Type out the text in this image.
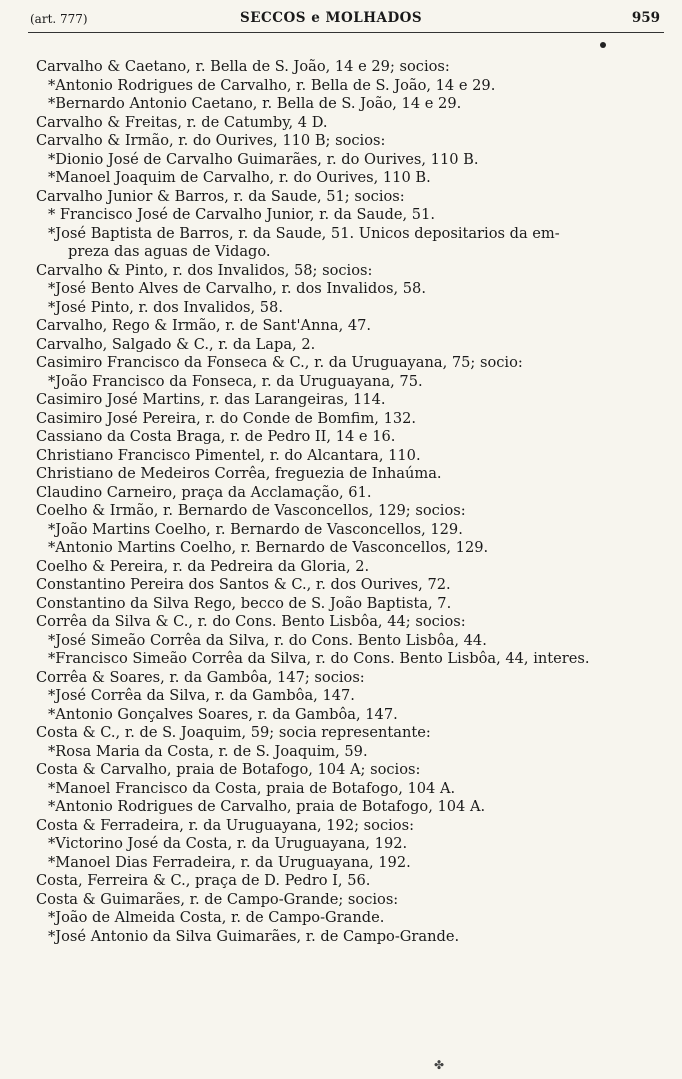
(art. 777)	SECCOS e MOLHADOS	959
Carvalho & Caetano, r. Bella de S. João, 14 e 29; socios:
*Antonio Rodrigues de Carvalho, r. Bella de S. João, 14 e 29.
*Bernardo Antonio Caetano, r. Bella de S. João, 14 e 29.
Carvalho & Freitas, r. de Catumby, 4 D.
Carvalho & Irmão, r. do Ourives, 110 B; socios:
*Dionio José de Carvalho Guimarães, r. do Ourives, 110 B.
*Manoel Joaquim de Carvalho, r. do Ourives, 110 B.
Carvalho Junior & Barros, r. da Saude, 51; socios:
* Francisco José de Carvalho Junior, r. da Saude, 51.
*José Baptista de Barros, r. da Saude, 51. Unicos depositarios da em-
preza das aguas de Vidago.
Carvalho & Pinto, r. dos Invalidos, 58; socios:
*José Bento Alves de Carvalho, r. dos Invalidos, 58.
*José Pinto, r. dos Invalidos, 58.
Carvalho, Rego & Irmão, r. de Sant'Anna, 47.
Carvalho, Salgado & C., r. da Lapa, 2.
Casimiro Francisco da Fonseca & C., r. da Uruguayana, 75; socio:
*João Francisco da Fonseca, r. da Uruguayana, 75.
Casimiro José Martins, r. das Larangeiras, 114.
Casimiro José Pereira, r. do Conde de Bomfim, 132.
Cassiano da Costa Braga, r. de Pedro II, 14 e 16.
Christiano Francisco Pimentel, r. do Alcantara, 110.
Christiano de Medeiros Corrêa, freguezia de Inhaúma.
Claudino Carneiro, praça da Acclamação, 61.
Coelho & Irmão, r. Bernardo de Vasconcellos, 129; socios:
*João Martins Coelho, r. Bernardo de Vasconcellos, 129.
*Antonio Martins Coelho, r. Bernardo de Vasconcellos, 129.
Coelho & Pereira, r. da Pedreira da Gloria, 2.
Constantino Pereira dos Santos & C., r. dos Ourives, 72.
Constantino da Silva Rego, becco de S. João Baptista, 7.
Corrêa da Silva & C., r. do Cons. Bento Lisbôa, 44; socios:
*José Simeão Corrêa da Silva, r. do Cons. Bento Lisbôa, 44.
*Francisco Simeão Corrêa da Silva, r. do Cons. Bento Lisbôa, 44, interes.
Corrêa & Soares, r. da Gambôa, 147; socios:
*José Corrêa da Silva, r. da Gambôa, 147.
*Antonio Gonçalves Soares, r. da Gambôa, 147.
Costa & C., r. de S. Joaquim, 59; socia representante:
*Rosa Maria da Costa, r. de S. Joaquim, 59.
Costa & Carvalho, praia de Botafogo, 104 A; socios:
*Manoel Francisco da Costa, praia de Botafogo, 104 A.
*Antonio Rodrigues de Carvalho, praia de Botafogo, 104 A.
Costa & Ferradeira, r. da Uruguayana, 192; socios:
*Victorino José da Costa, r. da Uruguayana, 192.
*Manoel Dias Ferradeira, r. da Uruguayana, 192.
Costa, Ferreira & C., praça de D. Pedro I, 56.
Costa & Guimarães, r. de Campo-Grande; socios:
*João de Almeida Costa, r. de Campo-Grande.
*José Antonio da Silva Guimarães, r. de Campo-Grande.
✤
